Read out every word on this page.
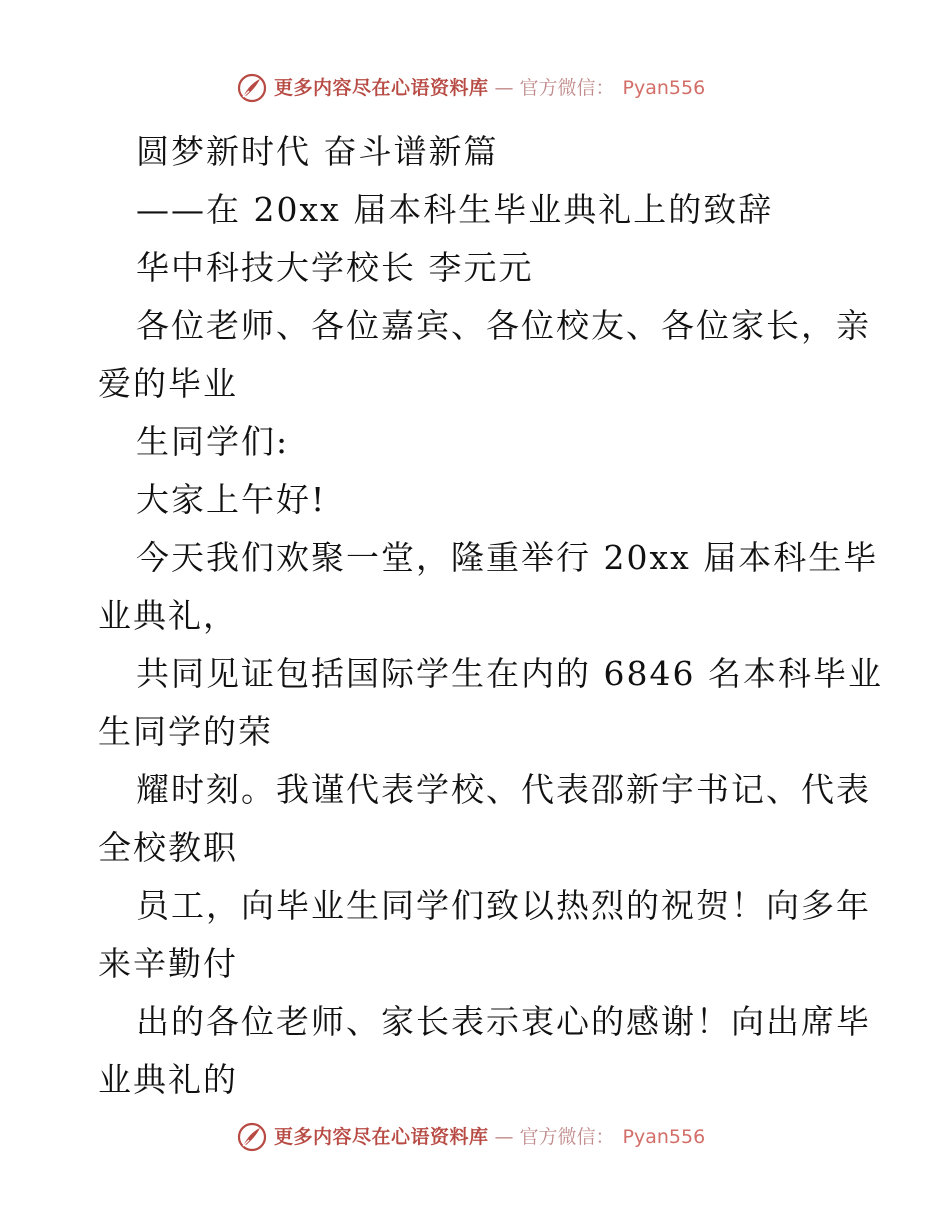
更多内容尽在心语资料库 — 官方微信： Pyan556

圆梦新时代 奋斗谱新篇

——在 20xx 届本科生毕业典礼上的致辞

华中科技大学校长 李元元

各位老师、各位嘉宾、各位校友、各位家长，亲

爱的毕业

生同学们:

大家上午好!

今天我们欢聚一堂，隆重举行 20xx 届本科生毕

业典礼，

共同见证包括国际学生在内的 6846 名本科毕业

生同学的荣

耀时刻。我谨代表学校、代表邵新宇书记、代表

全校教职

员工，向毕业生同学们致以热烈的祝贺！向多年

来辛勤付

出的各位老师、家长表示衷心的感谢！向出席毕

业典礼的

更多内容尽在心语资料库 — 官方微信： Pyan556
